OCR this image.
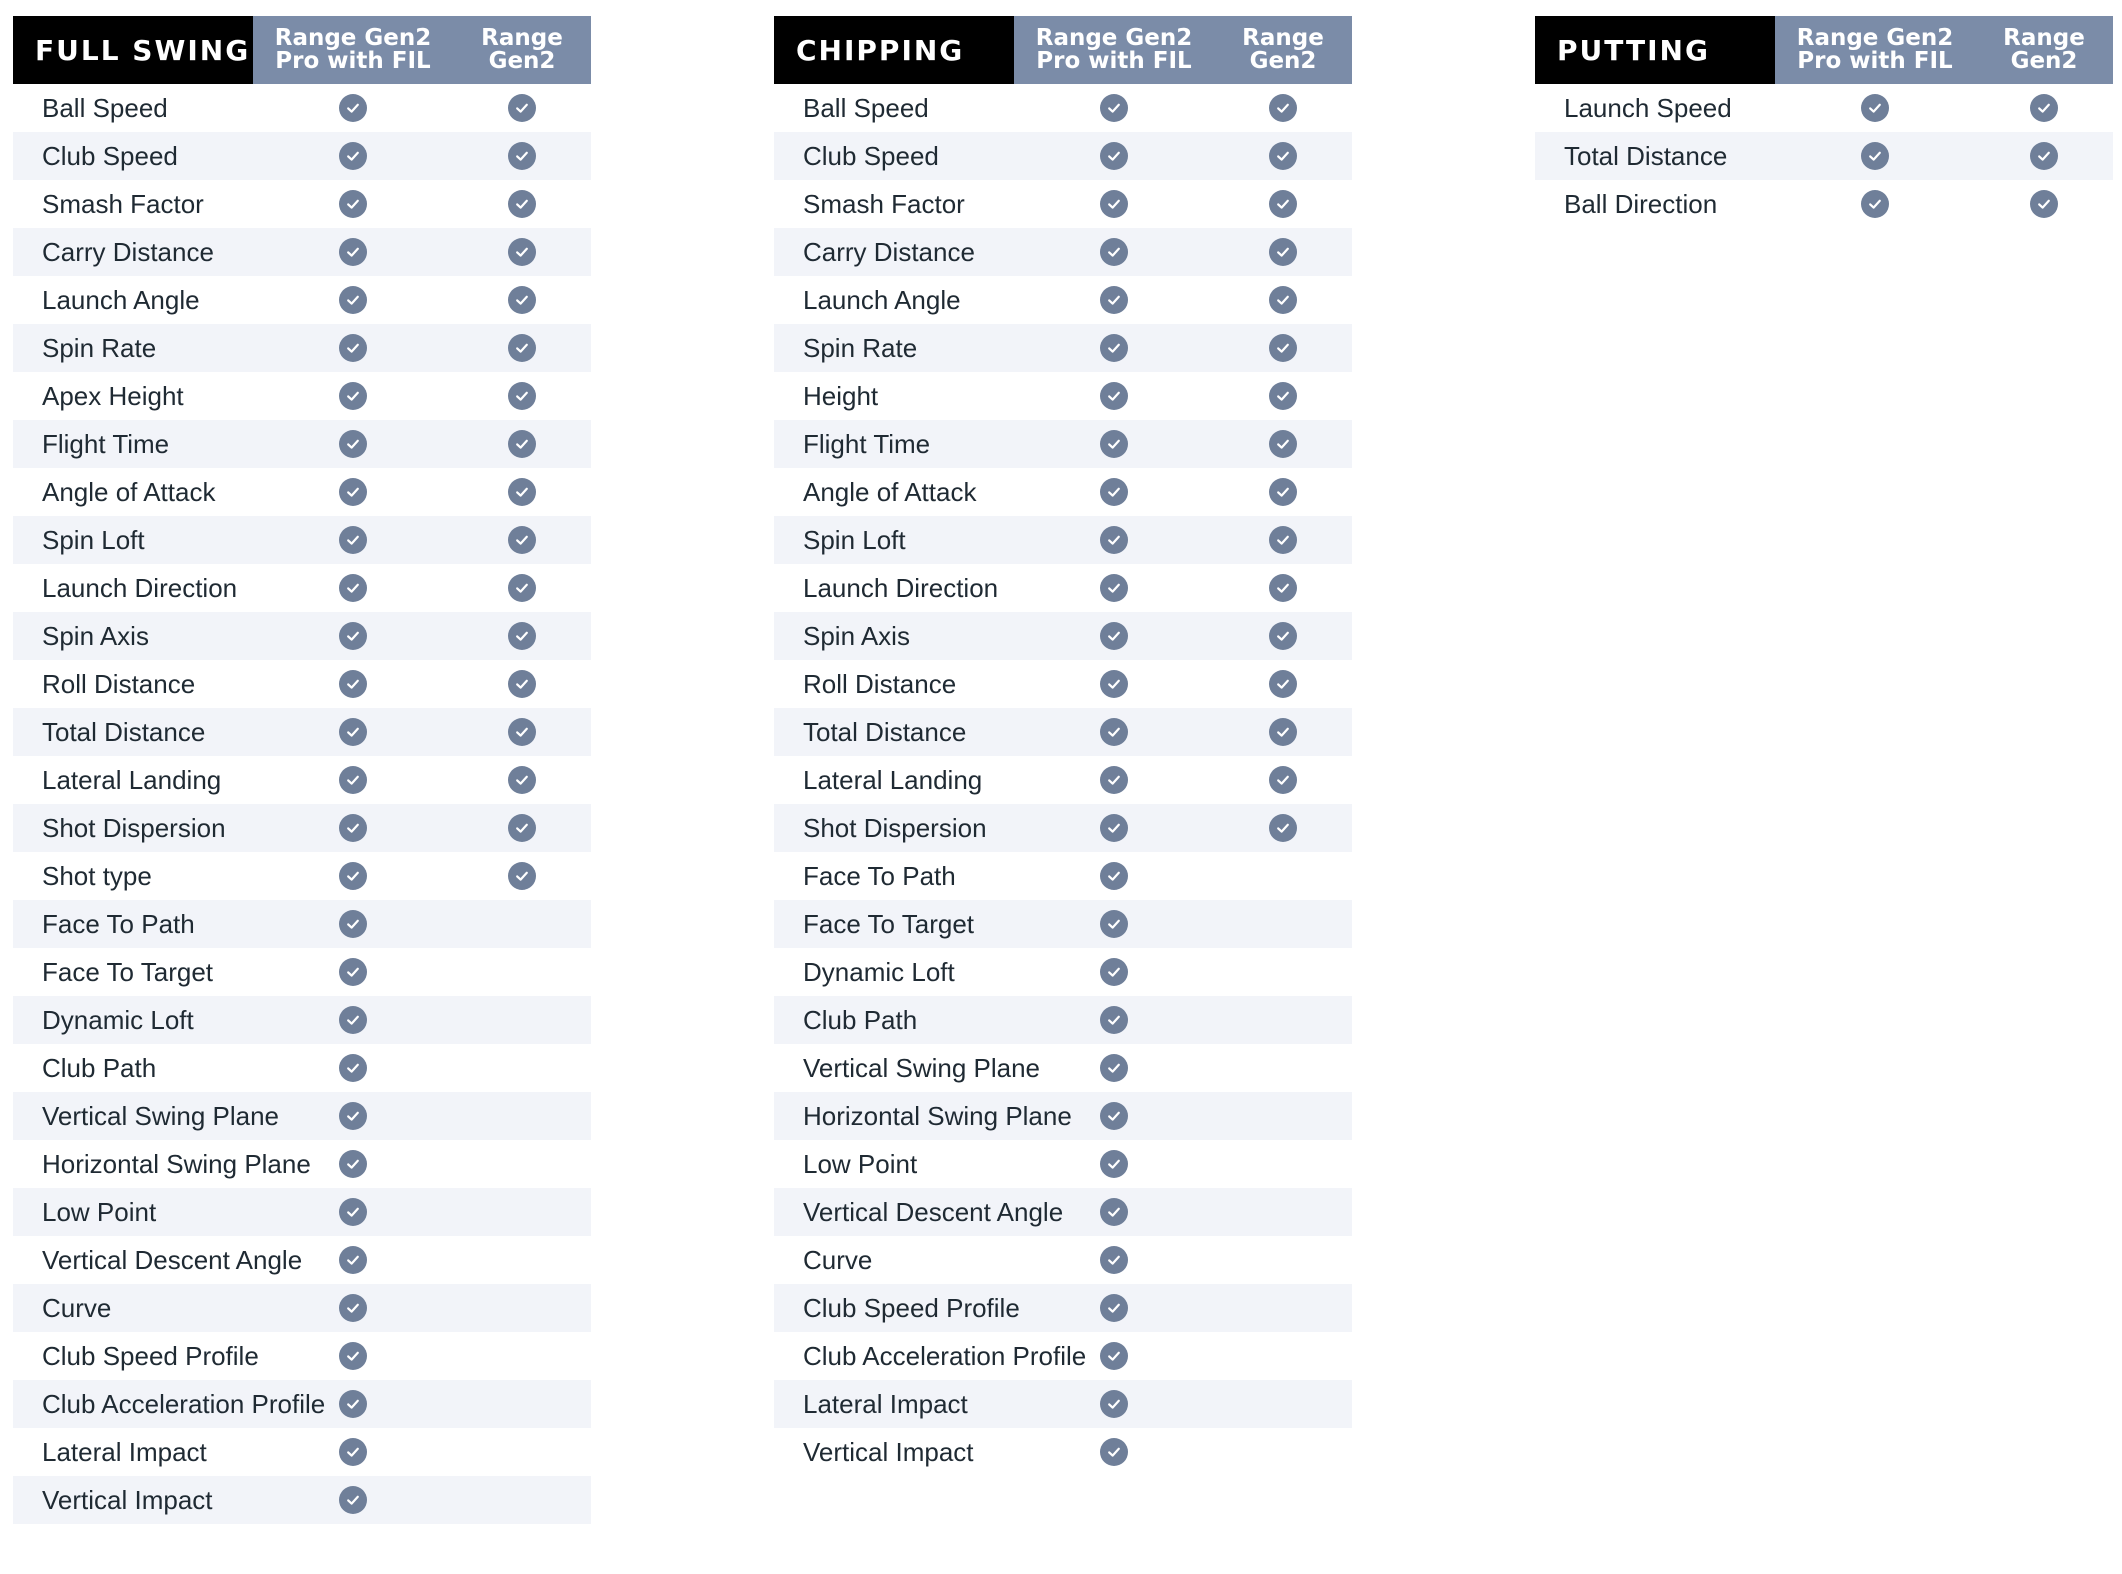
FULL SWING Range Gen2
Pro with FIL
Range
Gen2
Ball Speed
Club Speed
Smash Factor
Carry Distance
Launch Angle
Spin Rate
Apex Height
Flight Time
Angle of Attack
Spin Loft
Launch Direction
Spin Axis
Roll Distance
Total Distance
Lateral Landing
Shot Dispersion
Shot type
Face To Path
Face To Target
Dynamic Loft
Club Path
Vertical Swing Plane
Horizontal Swing Plane
Low Point
Vertical Descent Angle
Curve
Club Speed Profile
Club Acceleration Profile
Lateral Impact
Vertical Impact
CHIPPING	Range Gen2
Pro with FIL
Range
Gen2
Ball Speed
Club Speed
Smash Factor
Carry Distance
Launch Angle
Spin Rate
Height
Flight Time
Angle of Attack
Spin Loft
Launch Direction
Spin Axis
Roll Distance
Total Distance
Lateral Landing
Shot Dispersion
Face To Path
Face To Target
Dynamic Loft
Club Path
Vertical Swing Plane
Horizontal Swing Plane
Low Point
Vertical Descent Angle
Curve
Club Speed Profile
Club Acceleration Profile
Lateral Impact
Vertical Impact
PUTTING	Range Gen2
Pro with FIL
Range
Gen2
Launch Speed
Total Distance
Ball Direction
